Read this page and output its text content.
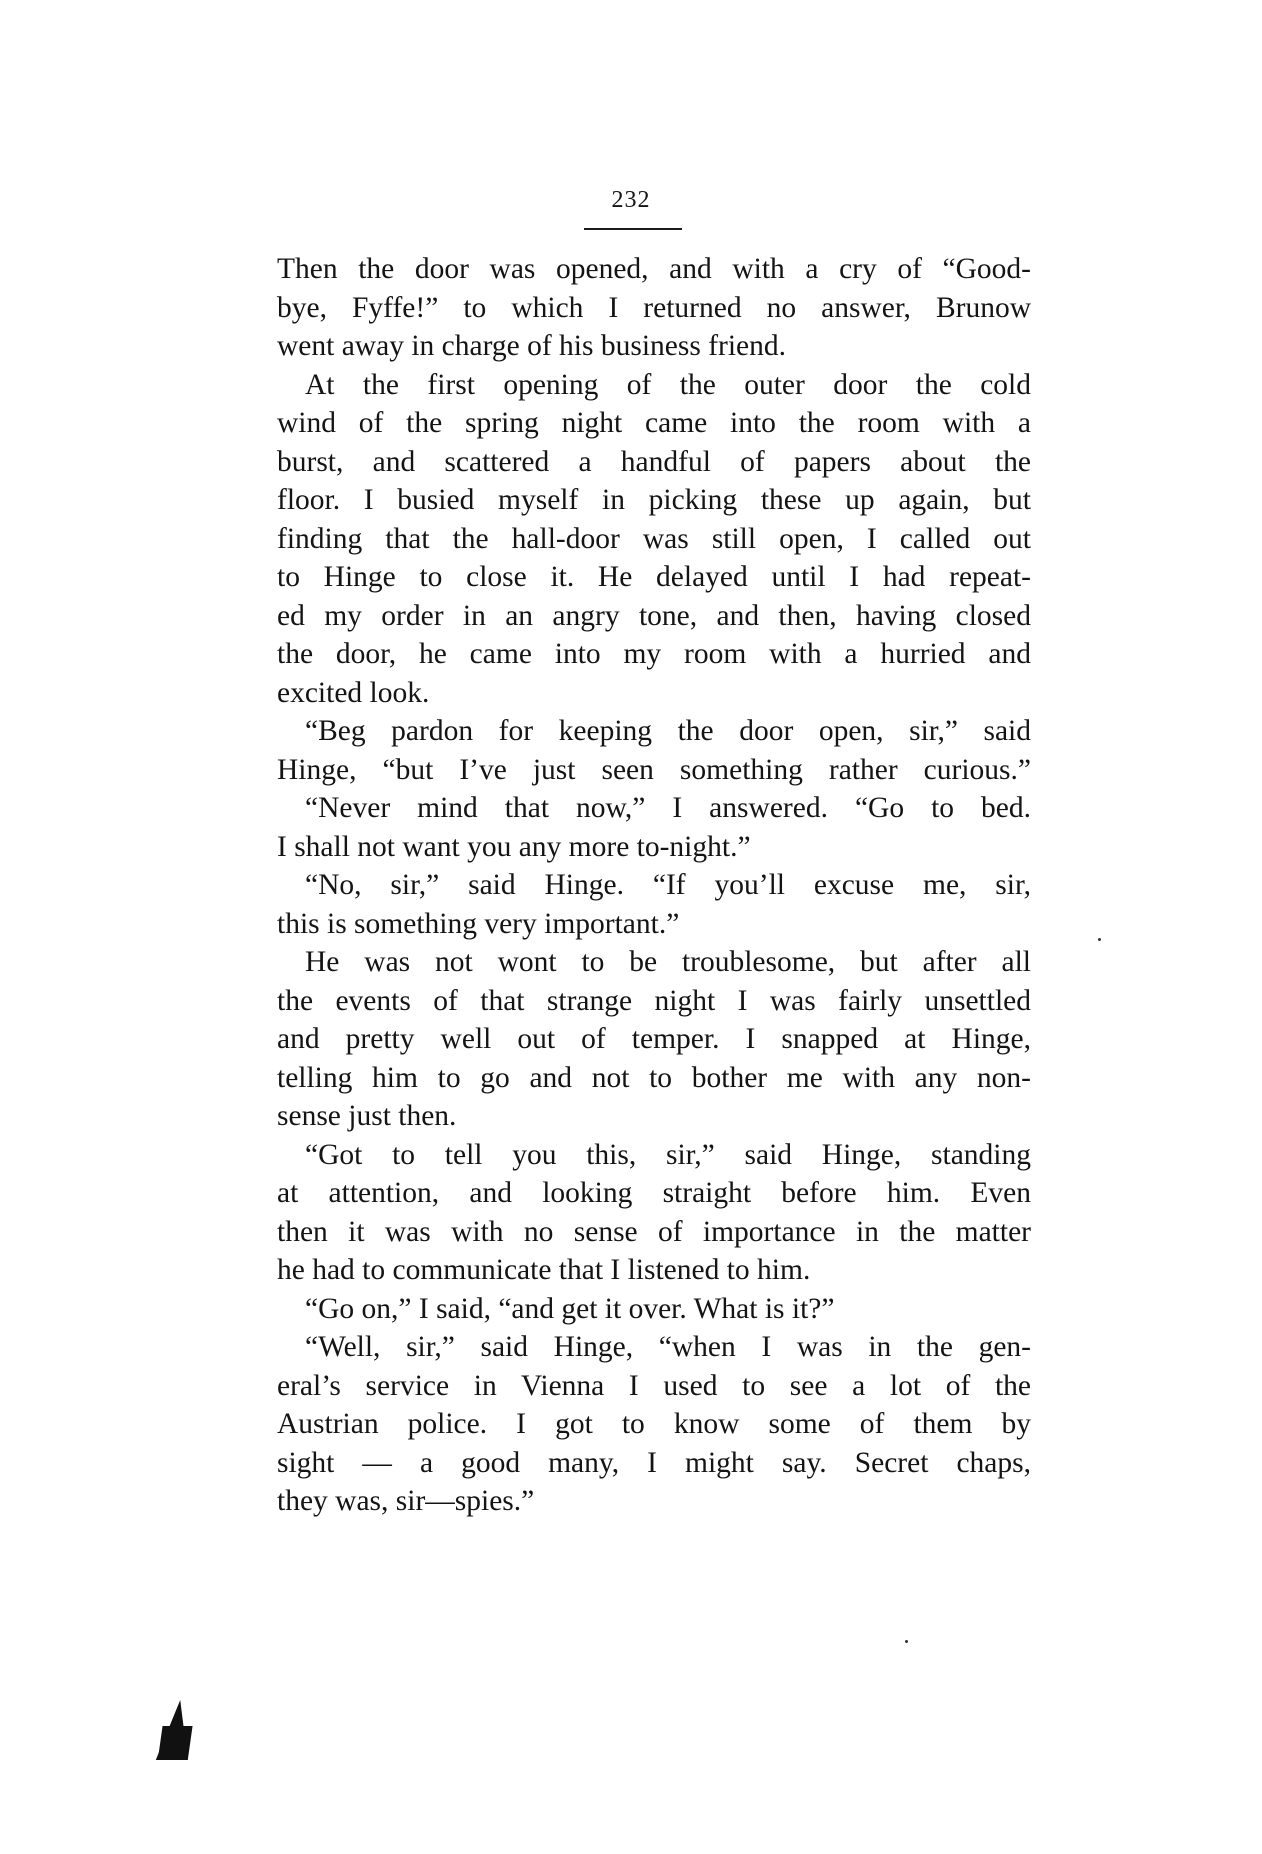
232
Then the door was opened, and with a cry of “Good-
bye, Fyffe!” to which I returned no answer, Brunow
went away in charge of his business friend.
At the first opening of the outer door the cold
wind of the spring night came into the room with a
burst, and scattered a handful of papers about the
floor. I busied myself in picking these up again, but
finding that the hall-door was still open, I called out
to Hinge to close it. He delayed until I had repeat-
ed my order in an angry tone, and then, having closed
the door, he came into my room with a hurried and
excited look.
“Beg pardon for keeping the door open, sir,” said
Hinge, “but I’ve just seen something rather curious.”
“Never mind that now,” I answered. “Go to bed.
I shall not want you any more to-night.”
“No, sir,” said Hinge. “If you’ll excuse me, sir,
this is something very important.”
He was not wont to be troublesome, but after all
the events of that strange night I was fairly unsettled
and pretty well out of temper. I snapped at Hinge,
telling him to go and not to bother me with any non-
sense just then.
“Got to tell you this, sir,” said Hinge, standing
at attention, and looking straight before him. Even
then it was with no sense of importance in the matter
he had to communicate that I listened to him.
“Go on,” I said, “and get it over. What is it?”
“Well, sir,” said Hinge, “when I was in the gen-
eral’s service in Vienna I used to see a lot of the
Austrian police. I got to know some of them by
sight — a good many, I might say. Secret chaps,
they was, sir—spies.”
